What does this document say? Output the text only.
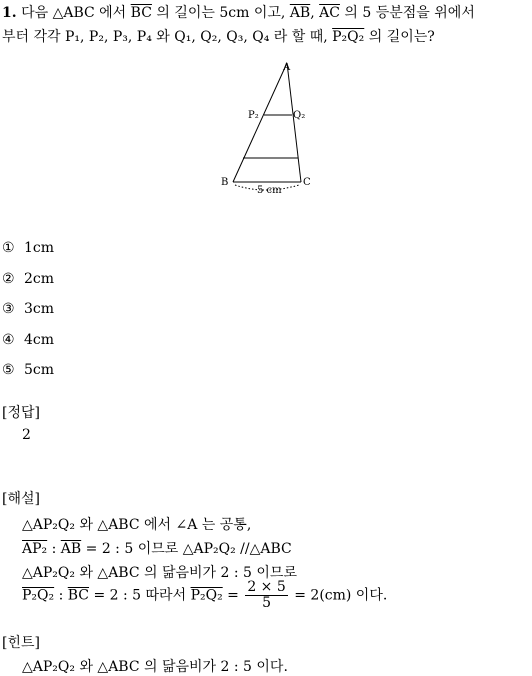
1. 다음 △ABC 에서 $\overline{BC}$ 의 길이는 5cm 이고, $\overline{AB}$, $\overline{AC}$ 의 5 등분점을 위에서
부터 각각 P₁, P₂, P₃, P₄ 와 Q₁, Q₂, Q₃, Q₄ 라 할 때, P₂Q₂ 의 길이는?
A
B	C
P₂	Q₂
5 cm
① 1cm
② 2cm
③ 3cm
④ 4cm
⑤ 5cm
[정답]
2
[해설]
△AP₂Q₂ 와 △ABC 에서 ∠A 는 공통,
AP₂ : $\overline{AB} = 2$ : 5 이므로 △AP₂Q₂ //△ABC
△AP₂Q₂ 와 △ABC 의 닮음비가 2 : 5 이므로
P₂Q₂ : $\overline{BC} = 2$ : 5 따라서 $P_2Q_2 = \frac{2 \times 5}{5} = 2(cm)$ 이다.
[힌트]
△AP₂Q₂ 와 △ABC 의 닮음비가 2 : 5 이다.
